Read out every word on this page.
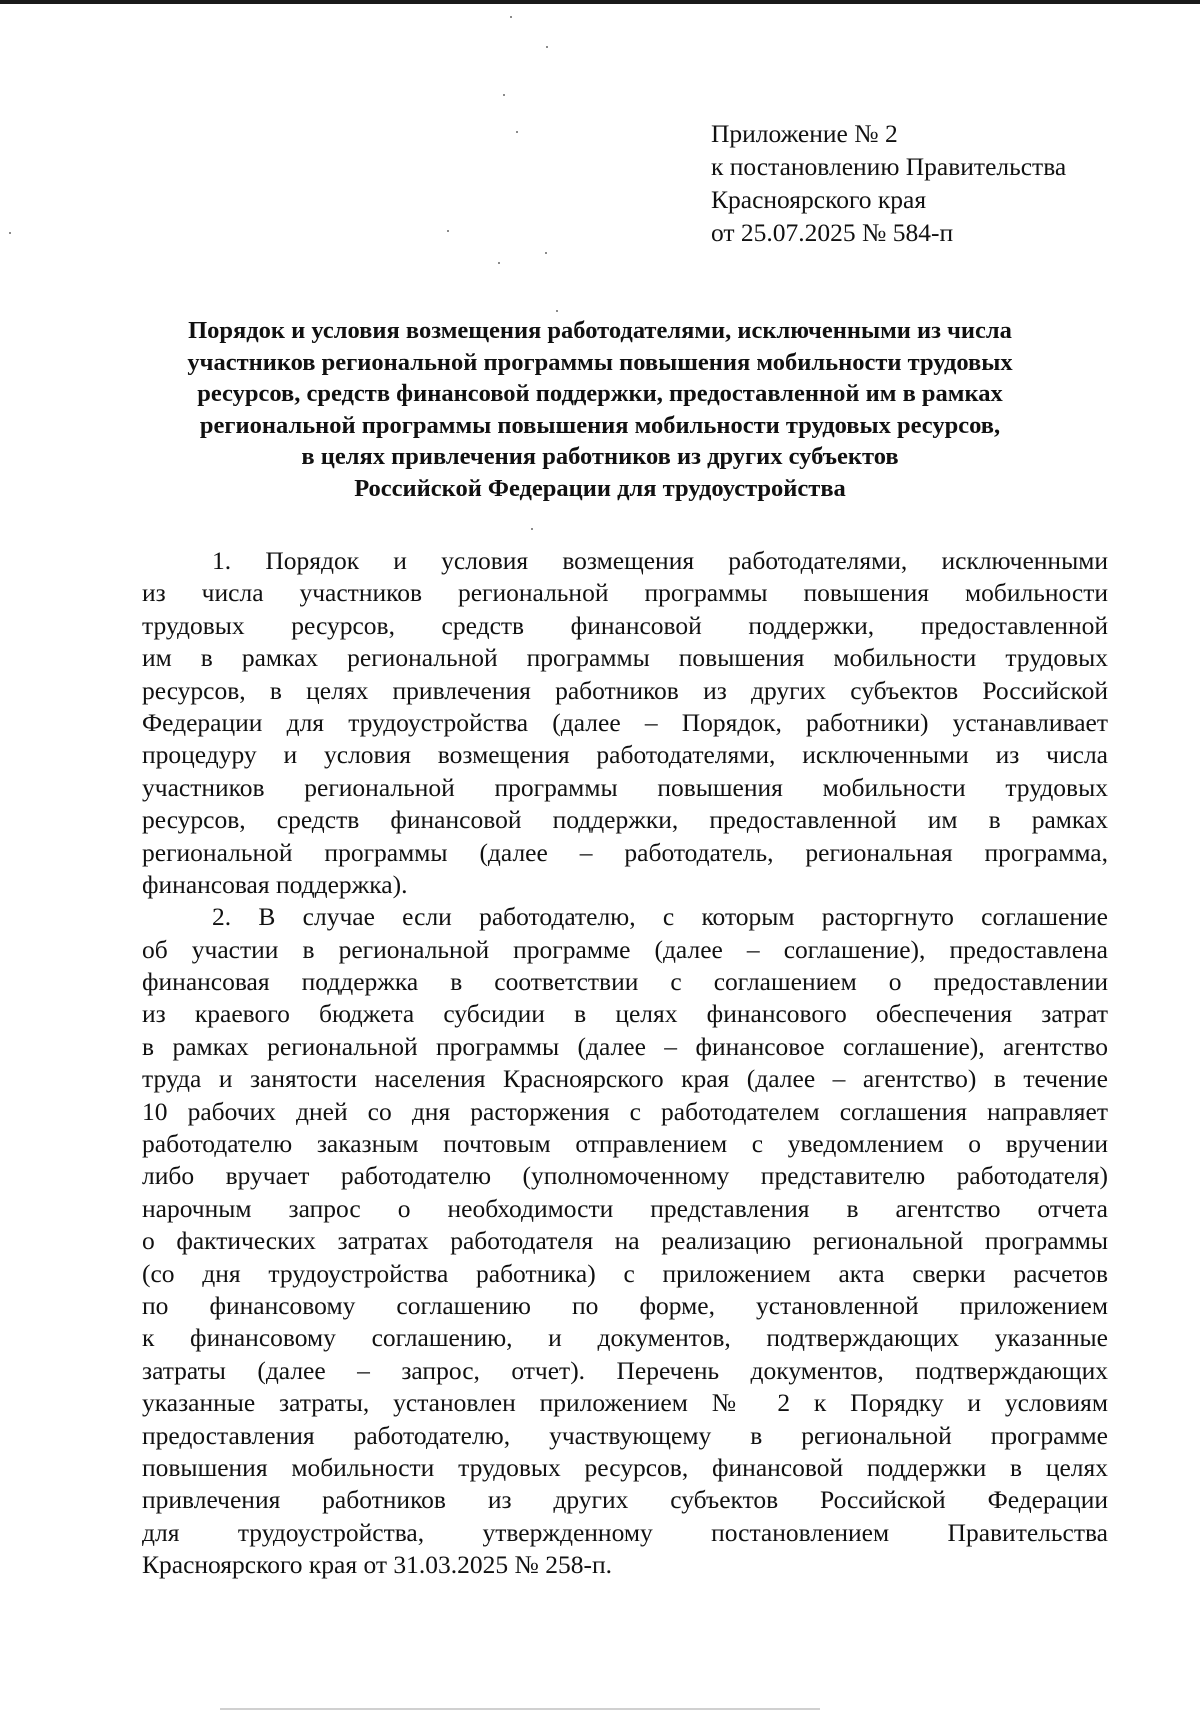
Приложение № 2
к постановлению Правительства
Красноярского края
от 25.07.2025 № 584-п
Порядок и условия возмещения работодателями, исключенными из числа
участников региональной программы повышения мобильности трудовых
ресурсов, средств финансовой поддержки, предоставленной им в рамках
региональной программы повышения мобильности трудовых ресурсов,
в целях привлечения работников из других субъектов
Российской Федерации для трудоустройства
1. Порядок и условия возмещения работодателями, исключенными
из числа участников региональной программы повышения мобильности
трудовых ресурсов, средств финансовой поддержки, предоставленной
им в рамках региональной программы повышения мобильности трудовых
ресурсов, в целях привлечения работников из других субъектов Российской
Федерации для трудоустройства (далее – Порядок, работники) устанавливает
процедуру и условия возмещения работодателями, исключенными из числа
участников региональной программы повышения мобильности трудовых
ресурсов, средств финансовой поддержки, предоставленной им в рамках
региональной программы (далее – работодатель, региональная программа,
финансовая поддержка).
2. В случае если работодателю, с которым расторгнуто соглашение
об участии в региональной программе (далее – соглашение), предоставлена
финансовая поддержка в соответствии с соглашением о предоставлении
из краевого бюджета субсидии в целях финансового обеспечения затрат
в рамках региональной программы (далее – финансовое соглашение), агентство
труда и занятости населения Красноярского края (далее – агентство) в течение
10 рабочих дней со дня расторжения с работодателем соглашения направляет
работодателю заказным почтовым отправлением с уведомлением о вручении
либо вручает работодателю (уполномоченному представителю работодателя)
нарочным запрос о необходимости представления в агентство отчета
о фактических затратах работодателя на реализацию региональной программы
(со дня трудоустройства работника) с приложением акта сверки расчетов
по финансовому соглашению по форме, установленной приложением
к финансовому соглашению, и документов, подтверждающих указанные
затраты (далее – запрос, отчет). Перечень документов, подтверждающих
указанные затраты, установлен приложением № 2 к Порядку и условиям
предоставления работодателю, участвующему в региональной программе
повышения мобильности трудовых ресурсов, финансовой поддержки в целях
привлечения работников из других субъектов Российской Федерации
для трудоустройства, утвержденному постановлением Правительства
Красноярского края от 31.03.2025 № 258-п.
